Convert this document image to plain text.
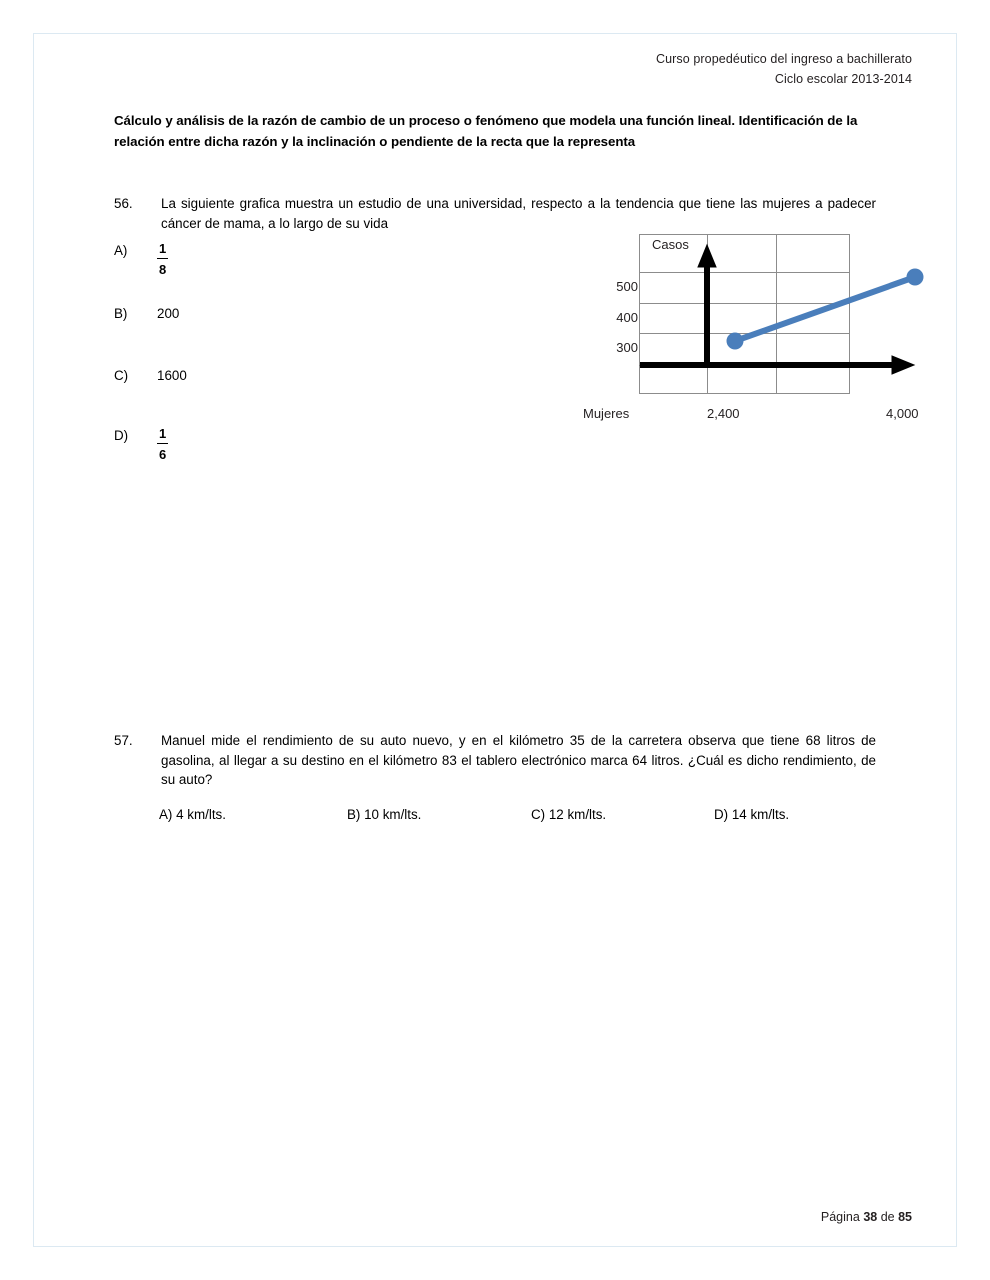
Curso propedéutico del ingreso a bachillerato
Ciclo escolar 2013-2014
Cálculo y análisis de la razón de cambio de un proceso o fenómeno que modela una función lineal. Identificación de la relación entre dicha razón y la inclinación o pendiente de la recta que la representa
56. La siguiente grafica muestra un estudio de una universidad, respecto a la tendencia que tiene las mujeres a padecer cáncer de mama, a lo largo de su vida
A)	$\frac{1}{8}$
B)	200
C)	1600
D)	$\frac{1}{6}$
Casos
Mujeres	2,400	4,000
500
400
300
57. Manuel mide el rendimiento de su auto nuevo, y en el kilómetro 35 de la carretera observa que tiene 68 litros de gasolina, al llegar a su destino en el kilómetro 83 el tablero electrónico marca 64 litros. ¿Cuál es dicho rendimiento, de su auto?
A) 4 km/lts.	B) 10 km/lts.	C) 12 km/lts.	D) 14 km/lts.
Página 38 de 85
